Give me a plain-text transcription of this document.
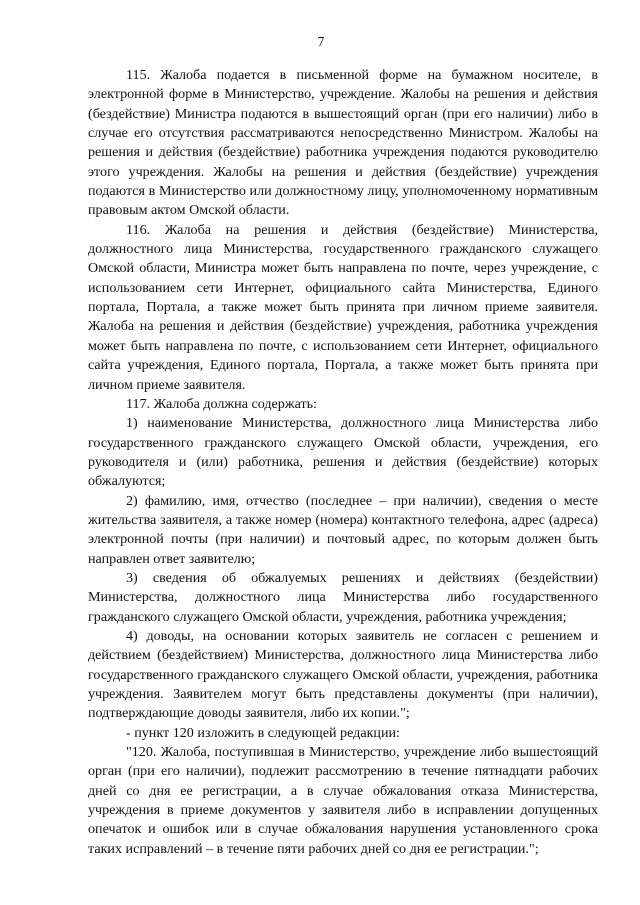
7

115. Жалоба подается в письменной форме на бумажном носителе, в электронной форме в Министерство, учреждение. Жалобы на решения и действия (бездействие) Министра подаются в вышестоящий орган (при его наличии) либо в случае его отсутствия рассматриваются непосредственно Министром. Жалобы на решения и действия (бездействие) работника учреждения подаются руководителю этого учреждения. Жалобы на решения и действия (бездействие) учреждения подаются в Министерство или должностному лицу, уполномоченному нормативным правовым актом Омской области.

116. Жалоба на решения и действия (бездействие) Министерства, должностного лица Министерства, государственного гражданского служащего Омской области, Министра может быть направлена по почте, через учреждение, с использованием сети Интернет, официального сайта Министерства, Единого портала, Портала, а также может быть принята при личном приеме заявителя. Жалоба на решения и действия (бездействие) учреждения, работника учреждения может быть направлена по почте, с использованием сети Интернет, официального сайта учреждения, Единого портала, Портала, а также может быть принята при личном приеме заявителя.

117. Жалоба должна содержать:

1) наименование Министерства, должностного лица Министерства либо государственного гражданского служащего Омской области, учреждения, его руководителя и (или) работника, решения и действия (бездействие) которых обжалуются;

2) фамилию, имя, отчество (последнее – при наличии), сведения о месте жительства заявителя, а также номер (номера) контактного телефона, адрес (адреса) электронной почты (при наличии) и почтовый адрес, по которым должен быть направлен ответ заявителю;

3) сведения об обжалуемых решениях и действиях (бездействии) Министерства, должностного лица Министерства либо государственного гражданского служащего Омской области, учреждения, работника учреждения;

4) доводы, на основании которых заявитель не согласен с решением и действием (бездействием) Министерства, должностного лица Министерства либо государственного гражданского служащего Омской области, учреждения, работника учреждения. Заявителем могут быть представлены документы (при наличии), подтверждающие доводы заявителя, либо их копии.";

- пункт 120 изложить в следующей редакции:

"120. Жалоба, поступившая в Министерство, учреждение либо вышестоящий орган (при его наличии), подлежит рассмотрению в течение пятнадцати рабочих дней со дня ее регистрации, а в случае обжалования отказа Министерства, учреждения в приеме документов у заявителя либо в исправлении допущенных опечаток и ошибок или в случае обжалования нарушения установленного срока таких исправлений – в течение пяти рабочих дней со дня ее регистрации.";
